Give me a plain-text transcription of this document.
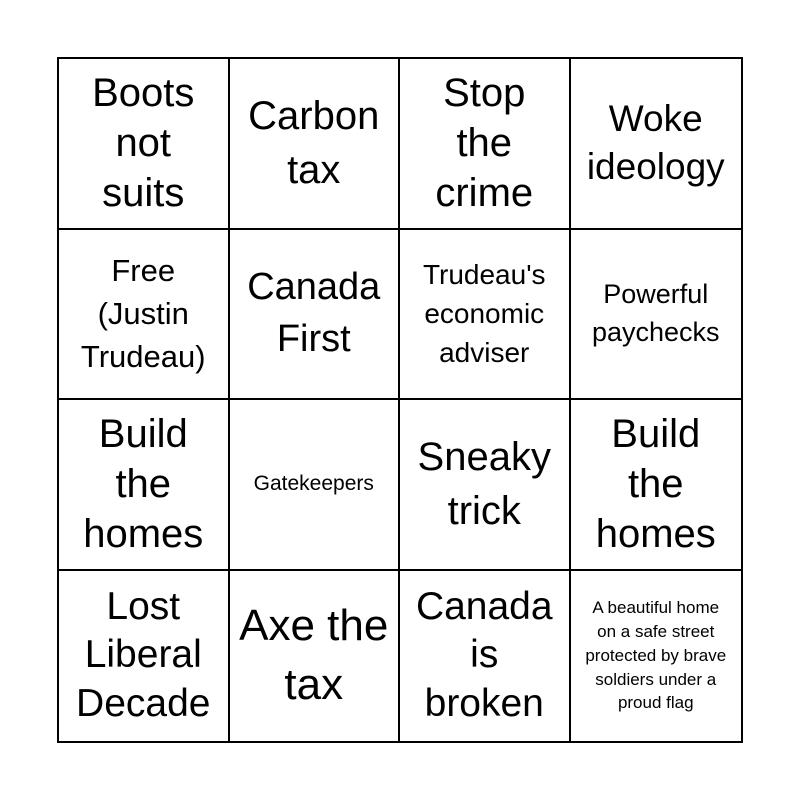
Boots not suits
Carbon tax
Stop the crime
Woke ideology
Free (Justin Trudeau)
Canada First
Trudeau's economic adviser
Powerful paychecks
Build the homes
Gatekeepers
Sneaky trick
Build the homes
Lost Liberal Decade
Axe the tax
Canada is broken
A beautiful home on a safe street protected by brave soldiers under a proud flag
